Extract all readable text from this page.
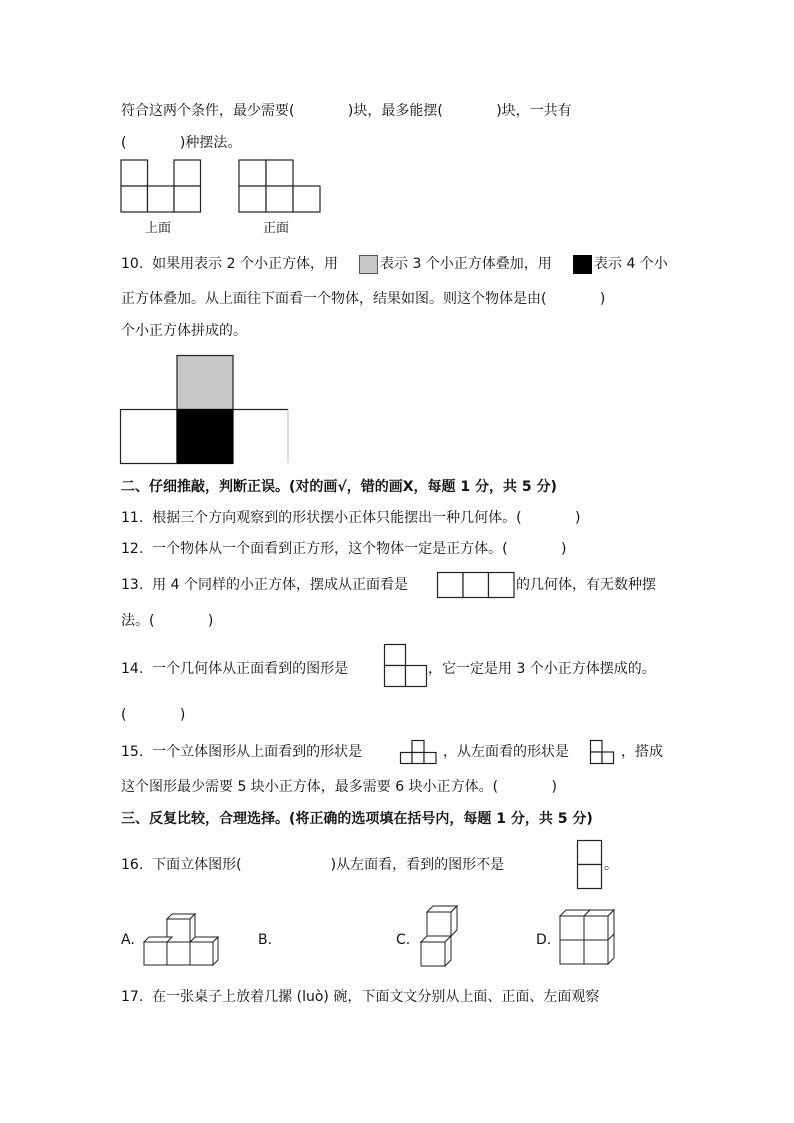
符合这两个条件，最少需要(            )块，最多能摆(            )块，一共有
(            )种摆法。
上面	正面
10.  如果用表示 2 个小正方体，用	表示 3 个小正方体叠加，用	表示 4 个小
正方体叠加。从上面往下面看一个物体，结果如图。则这个物体是由(            )
个小正方体拼成的。
二、仔细推敲，判断正误。(对的画√，错的画X，每题 1 分，共 5 分)
11.  根据三个方向观察到的形状摆小正体只能摆出一种几何体。(            )
12.  一个物体从一个面看到正方形，这个物体一定是正方体。(            )
13.  用 4 个同样的小正方体，摆成从正面看是	的几何体，有无数种摆
法。(            )
14.  一个几何体从正面看到的图形是	，它一定是用 3 个小正方体摆成的。
(            )
15.  一个立体图形从上面看到的形状是	，从左面看的形状是	，搭成
这个图形最少需要 5 块小正方体，最多需要 6 块小正方体。(            )
三、反复比较，合理选择。(将正确的选项填在括号内，每题 1 分，共 5 分)
16.  下面立体图形(                    )从左面看，看到的图形不是	。
A.	B.	C.	D.
17.  在一张桌子上放着几摞 (luò) 碗，下面文文分别从上面、正面、左面观察
